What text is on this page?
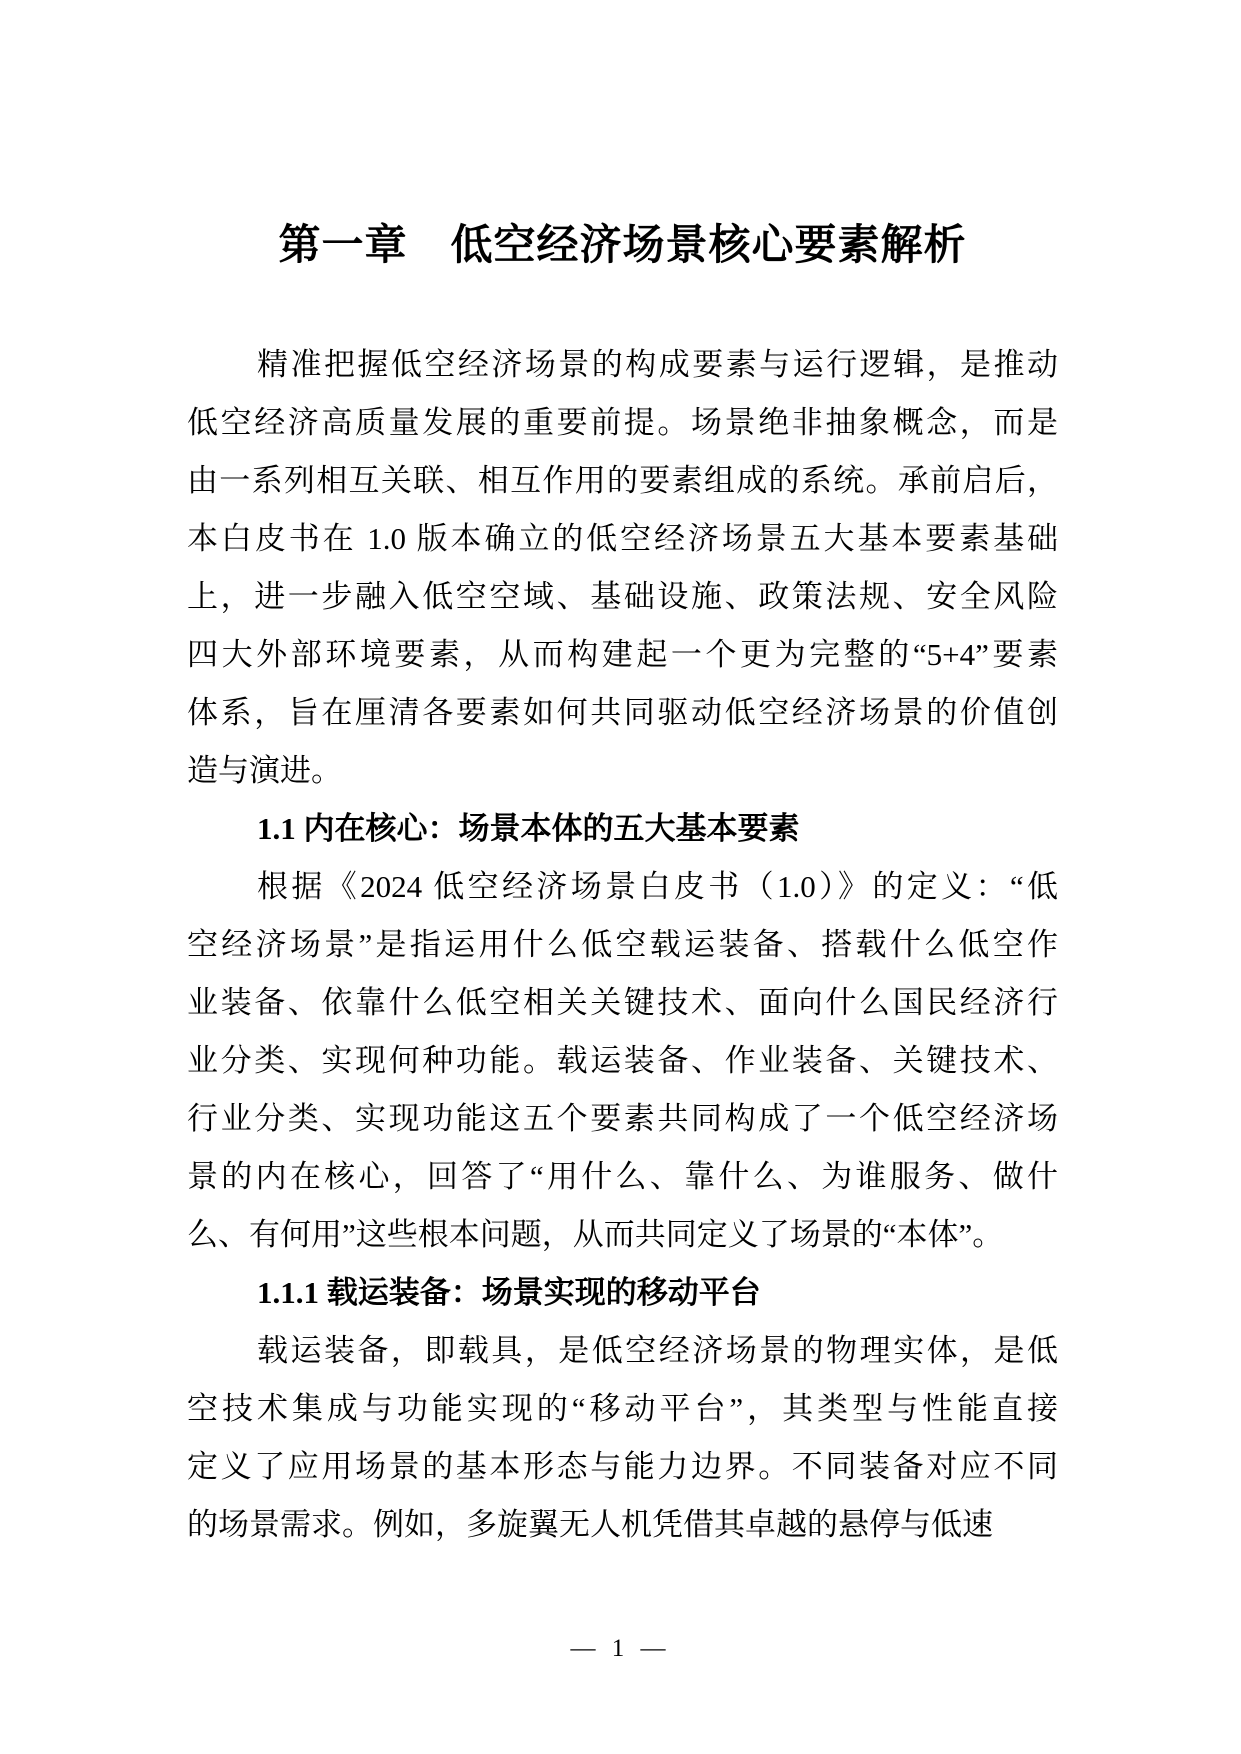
第一章　低空经济场景核心要素解析
精准把握低空经济场景的构成要素与运行逻辑，是推动
低空经济高质量发展的重要前提。场景绝非抽象概念，而是
由一系列相互关联、相互作用的要素组成的系统。承前启后，
本白皮书在 1.0 版本确立的低空经济场景五大基本要素基础
上，进一步融入低空空域、基础设施、政策法规、安全风险
四大外部环境要素，从而构建起一个更为完整的“5+4”要素
体系，旨在厘清各要素如何共同驱动低空经济场景的价值创
造与演进。
1.1 内在核心：场景本体的五大基本要素
根据《2024 低空经济场景白皮书（1.0）》的定义：“低
空经济场景”是指运用什么低空载运装备、搭载什么低空作
业装备、依靠什么低空相关关键技术、面向什么国民经济行
业分类、实现何种功能。载运装备、作业装备、关键技术、
行业分类、实现功能这五个要素共同构成了一个低空经济场
景的内在核心，回答了“用什么、靠什么、为谁服务、做什
么、有何用”这些根本问题，从而共同定义了场景的“本体”。
1.1.1 载运装备：场景实现的移动平台
载运装备，即载具，是低空经济场景的物理实体，是低
空技术集成与功能实现的“移动平台”，其类型与性能直接
定义了应用场景的基本形态与能力边界。不同装备对应不同
的场景需求。例如，多旋翼无人机凭借其卓越的悬停与低速
— 1 —
